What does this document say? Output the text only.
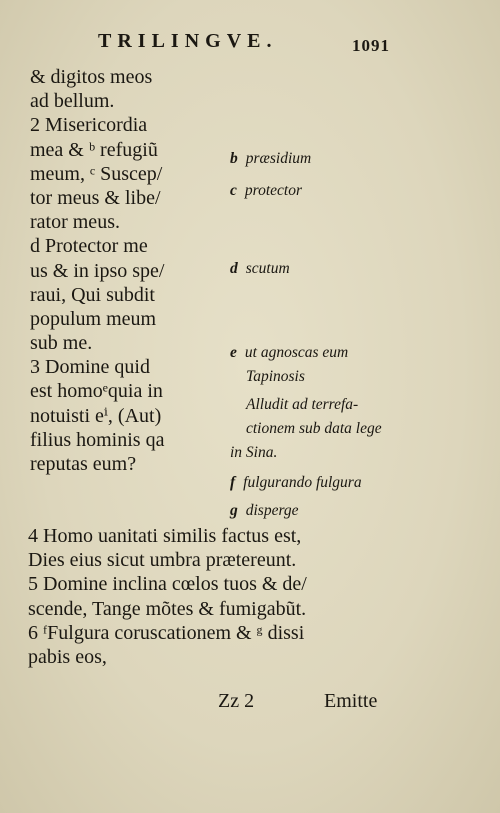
TRILINGVE.	1091
& digitos meos
ad bellum.
2 Misericordia
mea & ᵇ refugiũ
meum, ᶜ Suscep/
tor meus & libe/
rator meus.
d Protector me
us & in ipso spe/
raui, Qui subdit
populum meum
sub me.
3 Domine quid
est homoᵉquia in
notuisti eⁱ, (Aut)
filius hominis qa
reputas eum?
b præsidium
c protector
d scutum
e ut agnoscas eum
Tapinosis
Alludit ad terrefa-
ctionem sub data lege
in Sina.
f fulgurando fulgura
g disperge
4 Homo uanitati similis factus est,
Dies eius sicut umbra prætereunt.
5 Domine inclina cœlos tuos & de/
scende, Tange mõtes & fumigabũt.
6 ᶠFulgura coruscationem & ᵍ dissi
pabis eos,
Zz 2	Emitte
